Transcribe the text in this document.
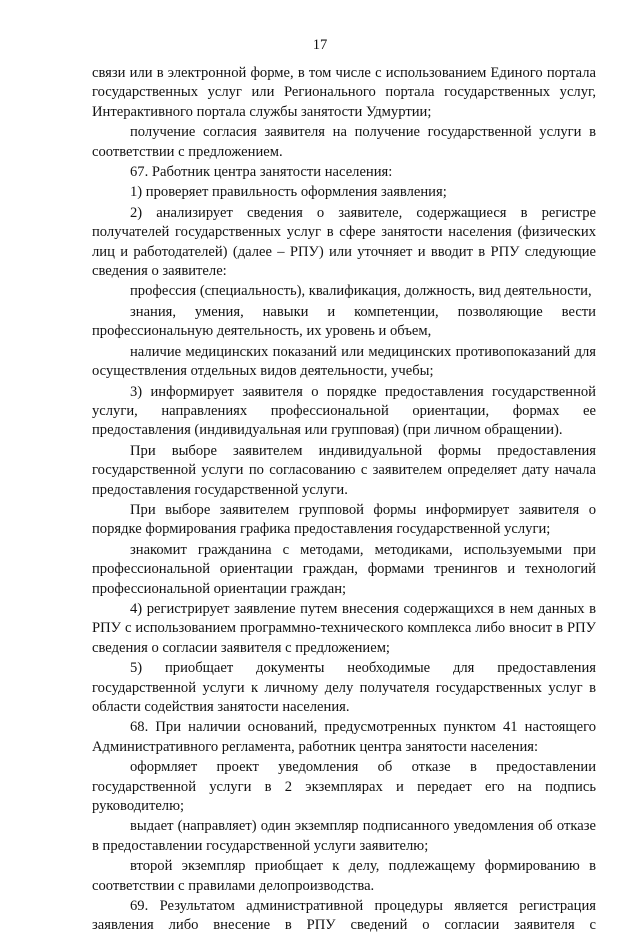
17

связи или в электронной форме, в том числе с использованием Единого портала государственных услуг или Регионального портала государственных услуг, Интерактивного портала службы занятости Удмуртии;

получение согласия заявителя на получение государственной услуги в соответствии с предложением.

67. Работник центра занятости населения:

1) проверяет правильность оформления заявления;

2) анализирует сведения о заявителе, содержащиеся в регистре получателей государственных услуг в сфере занятости населения (физических лиц и работодателей) (далее – РПУ) или уточняет и вводит в РПУ следующие сведения о заявителе:

профессия (специальность), квалификация, должность, вид деятельности,

знания, умения, навыки и компетенции, позволяющие вести профессиональную деятельность, их уровень и объем,

наличие медицинских показаний или медицинских противопоказаний для осуществления отдельных видов деятельности, учебы;

3) информирует заявителя о порядке предоставления государственной услуги, направлениях профессиональной ориентации, формах ее предоставления (индивидуальная или групповая) (при личном обращении).

При выборе заявителем индивидуальной формы предоставления государственной услуги по согласованию с заявителем определяет дату начала предоставления государственной услуги.

При выборе заявителем групповой формы информирует заявителя о порядке формирования графика предоставления государственной услуги;

знакомит гражданина с методами, методиками, используемыми при профессиональной ориентации граждан, формами тренингов и технологий профессиональной ориентации граждан;

4) регистрирует заявление путем внесения содержащихся в нем данных в РПУ с использованием программно-технического комплекса либо вносит в РПУ сведения о согласии заявителя с предложением;

5) приобщает документы необходимые для предоставления государственной услуги к личному делу получателя государственных услуг в области содействия занятости населения.

68. При наличии оснований, предусмотренных пунктом 41 настоящего Административного регламента, работник центра занятости населения:

оформляет проект уведомления об отказе в предоставлении государственной услуги в 2 экземплярах и передает его на подпись руководителю;

выдает (направляет) один экземпляр подписанного уведомления об отказе в предоставлении государственной услуги заявителю;

второй экземпляр приобщает к делу, подлежащему формированию в соответствии с правилами делопроизводства.

69. Результатом административной процедуры является регистрация заявления либо внесение в РПУ сведений о согласии заявителя с
